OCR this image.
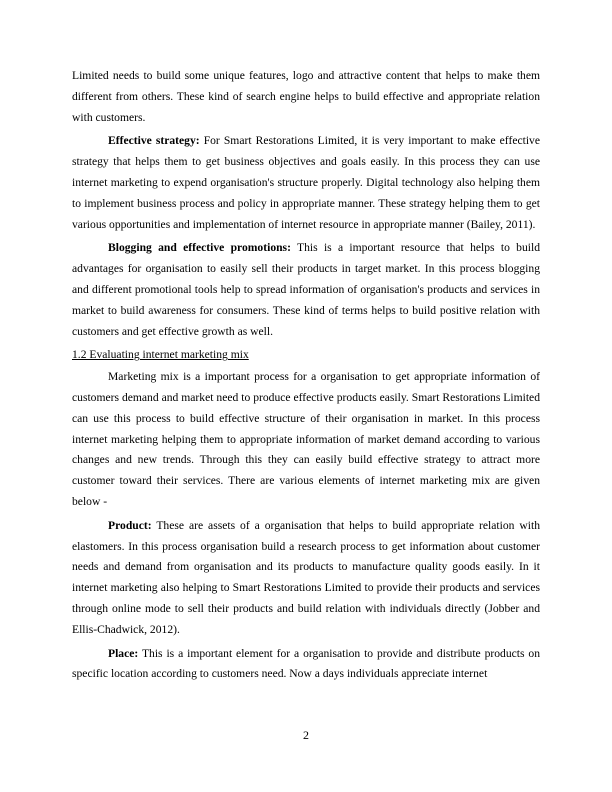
Limited needs to build some unique features, logo and attractive content that helps to make them different from others. These kind of search engine helps to build effective and appropriate relation with customers.

Effective strategy: For Smart Restorations Limited, it is very important to make effective strategy that helps them to get business objectives and goals easily. In this process they can use internet marketing to expend organisation's structure properly. Digital technology also helping them to implement business process and policy in appropriate manner. These strategy helping them to get various opportunities and implementation of internet resource in appropriate manner (Bailey, 2011).

Blogging and effective promotions: This is a important resource that helps to build advantages for organisation to easily sell their products in target market. In this process blogging and different promotional tools help to spread information of organisation's products and services in market to build awareness for consumers. These kind of terms helps to build positive relation with customers and get effective growth as well.

1.2 Evaluating internet marketing mix

Marketing mix is a important process for a organisation to get appropriate information of customers demand and market need to produce effective products easily. Smart Restorations Limited can use this process to build effective structure of their organisation in market. In this process internet marketing helping them to appropriate information of market demand according to various changes and new trends. Through this they can easily build effective strategy to attract more customer toward their services. There are various elements of internet marketing mix are given below -

Product: These are assets of a organisation that helps to build appropriate relation with elastomers. In this process organisation build a research process to get information about customer needs and demand from organisation and its products to manufacture quality goods easily. In it internet marketing also helping to Smart Restorations Limited to provide their products and services through online mode to sell their products and build relation with individuals directly (Jobber and Ellis-Chadwick, 2012).

Place: This is a important element for a organisation to provide and distribute products on specific location according to customers need. Now a days individuals appreciate internet

2
